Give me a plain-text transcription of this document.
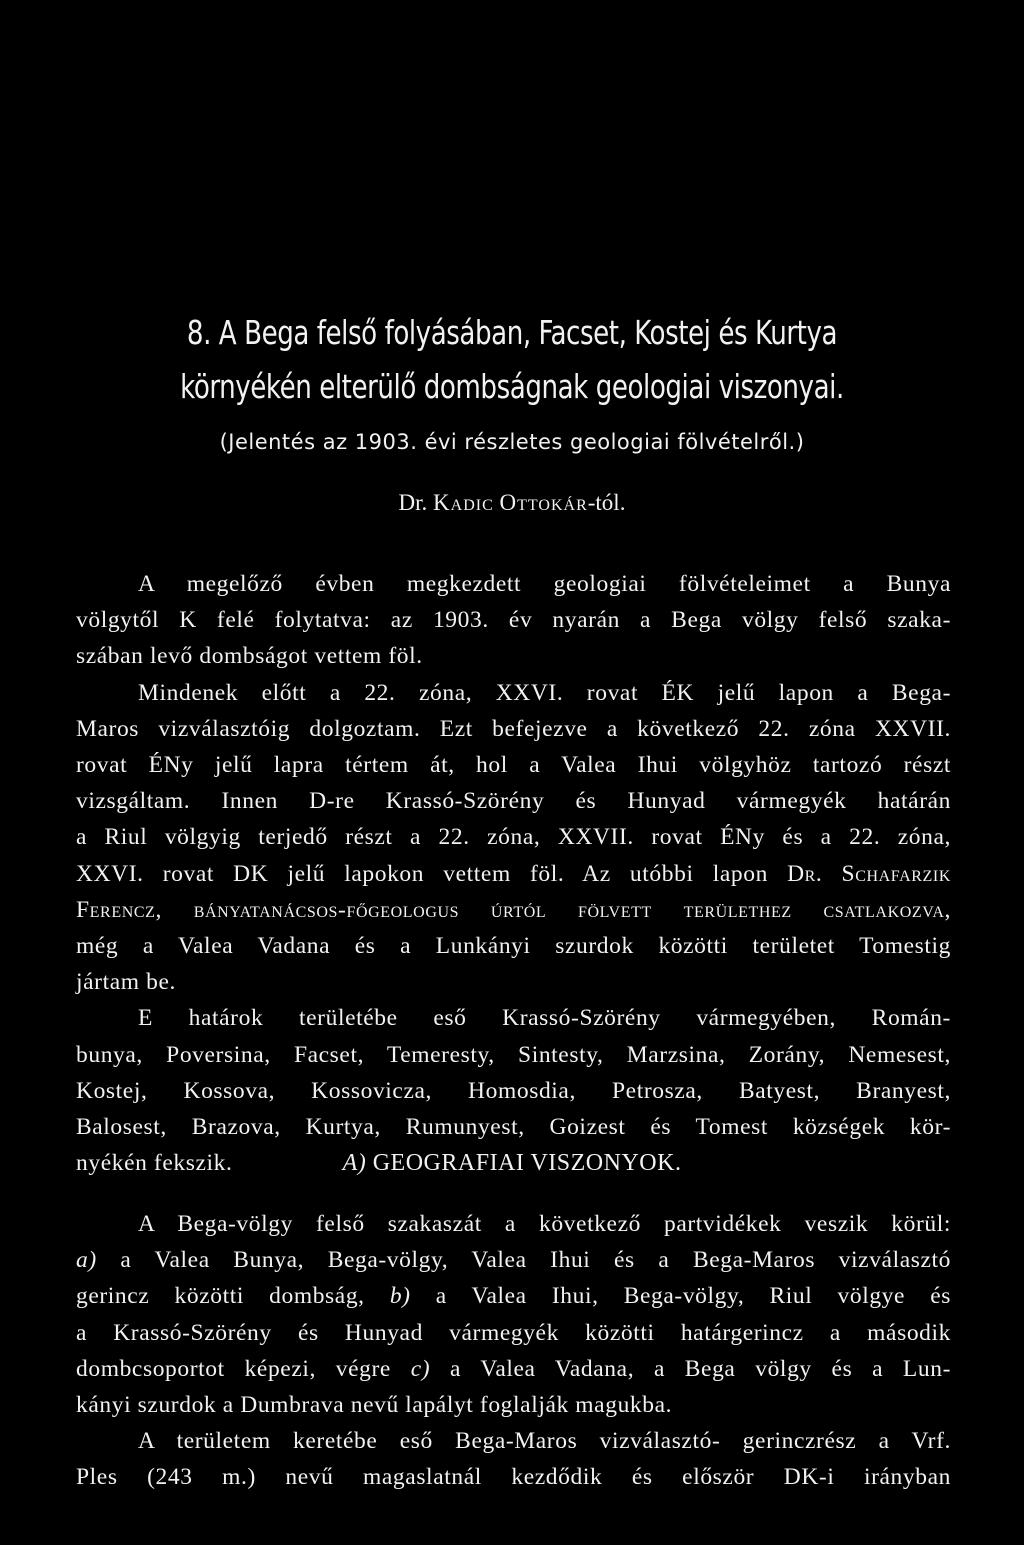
8. A Bega felső folyásában, Facset, Kostej és Kurtya
környékén elterülő dombságnak geologiai viszonyai.
(Jelentés az 1903. évi részletes geologiai fölvételről.)
Dr. Kadic Ottokár-tól.
A megelőző évben megkezdett geologiai fölvételeimet a Bunya
völgytől K felé folytatva: az 1903. év nyarán a Bega völgy felső szaka-
szában levő dombságot vettem föl.
Mindenek előtt a 22. zóna, XXVI. rovat ÉK jelű lapon a Bega-
Maros vizválasztóig dolgoztam. Ezt befejezve a következő 22. zóna XXVII.
rovat ÉNy jelű lapra tértem át, hol a Valea Ihui völgyhöz tartozó részt
vizsgáltam. Innen D-re Krassó-Szörény és Hunyad vármegyék határán
a Riul völgyig terjedő részt a 22. zóna, XXVII. rovat ÉNy és a 22. zóna,
XXVI. rovat DK jelű lapokon vettem föl. Az utóbbi lapon Dr. Schafarzik
Ferencz, bányatanácsos-főgeologus úrtól fölvett területhez csatlakozva,
még a Valea Vadana és a Lunkányi szurdok közötti területet Tomestig
jártam be.
E határok területébe eső Krassó-Szörény vármegyében, Román-
bunya, Poversina, Facset, Temeresty, Sintesty, Marzsina, Zorány, Nemesest,
Kostej, Kossova, Kossovicza, Homosdia, Petrosza, Batyest, Branyest,
Balosest, Brazova, Kurtya, Rumunyest, Goizest és Tomest községek kör-
nyékén fekszik.	A) GEOGRAFIAI VISZONYOK.
A Bega-völgy felső szakaszát a következő partvidékek veszik körül:
a) a Valea Bunya, Bega-völgy, Valea Ihui és a Bega-Maros vizválasztó
gerincz közötti dombság, b) a Valea Ihui, Bega-völgy, Riul völgye és
a Krassó-Szörény és Hunyad vármegyék közötti határgerincz a második
dombcsoportot képezi, végre c) a Valea Vadana, a Bega völgy és a Lun-
kányi szurdok a Dumbrava nevű lapályt foglalják magukba.
A területem keretébe eső Bega-Maros vizválasztó- gerinczrész a Vrf.
Ples (243 m.) nevű magaslatnál kezdődik és először DK-i irányban
